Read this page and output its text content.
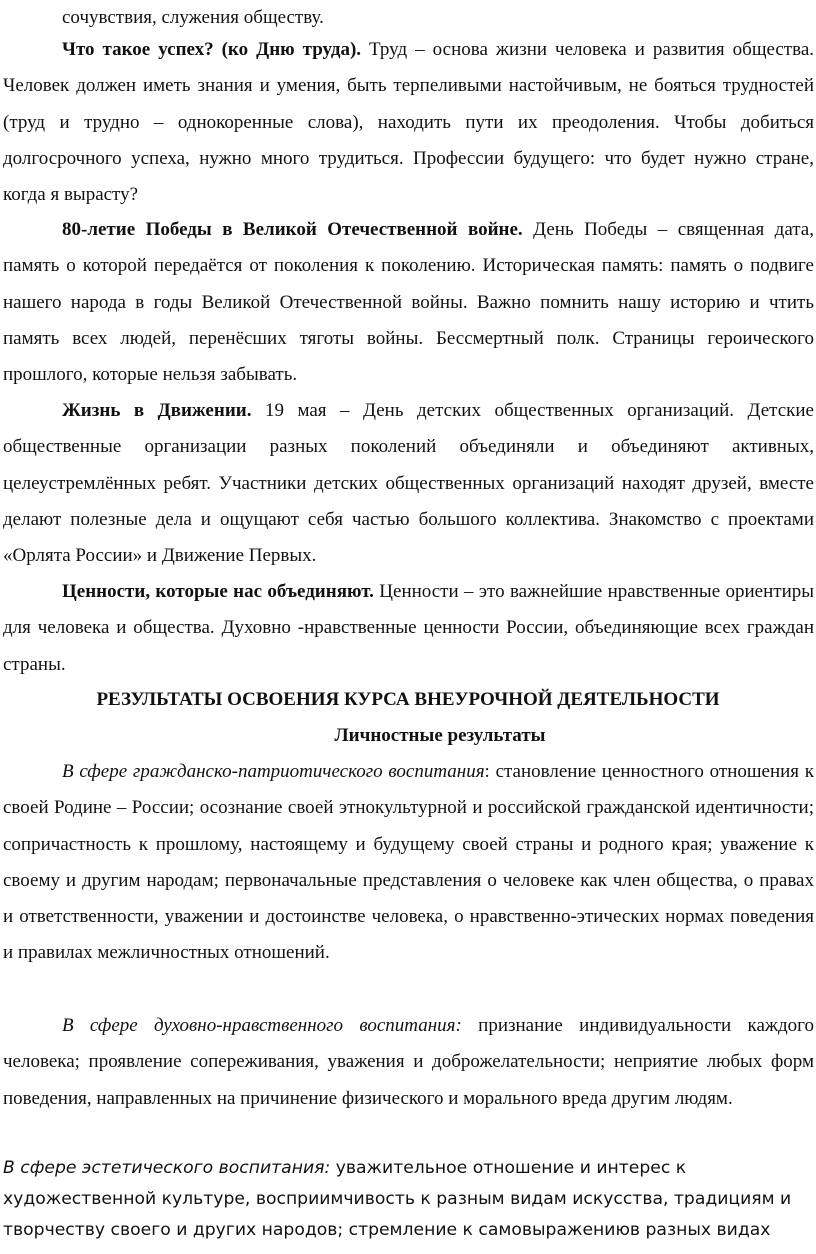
сочувствия, служения обществу.

Что такое успех? (ко Дню труда). Труд – основа жизни человека и развития общества. Человек должен иметь знания и умения, быть терпеливыми настойчивым, не бояться трудностей (труд и трудно – однокоренные слова), находить пути их преодоления. Чтобы добиться долгосрочного успеха, нужно много трудиться. Профессии будущего: что будет нужно стране, когда я вырасту?

80-летие Победы в Великой Отечественной войне. День Победы – священная дата, память о которой передаётся от поколения к поколению. Историческая память: память о подвиге нашего народа в годы Великой Отечественной войны. Важно помнить нашу историю и чтить память всех людей, перенёсших тяготы войны. Бессмертный полк. Страницы героического прошлого, которые нельзя забывать.

Жизнь в Движении. 19 мая – День детских общественных организаций. Детские общественные организации разных поколений объединяли и объединяют активных, целеустремлённых ребят. Участники детских общественных организаций находят друзей, вместе делают полезные дела и ощущают себя частью большого коллектива. Знакомство с проектами «Орлята России» и Движение Первых.

Ценности, которые нас объединяют. Ценности – это важнейшие нравственные ориентиры для человека и общества. Духовно -нравственные ценности России, объединяющие всех граждан страны.

РЕЗУЛЬТАТЫ ОСВОЕНИЯ КУРСА ВНЕУРОЧНОЙ ДЕЯТЕЛЬНОСТИ
Личностные результаты

В сфере гражданско-патриотического воспитания: становление ценностного отношения к своей Родине – России; осознание своей этнокультурной и российской гражданской идентичности; сопричастность к прошлому, настоящему и будущему своей страны и родного края; уважение к своему и другим народам; первоначальные представления о человеке как член общества, о правах и ответственности, уважении и достоинстве человека, о нравственно-этических нормах поведения и правилах межличностных отношений.

В сфере духовно-нравственного воспитания: признание индивидуальности каждого человека; проявление сопереживания, уважения и доброжелательности; неприятие любых форм поведения, направленных на причинение физического и морального вреда другим людям.

В сфере эстетического воспитания: уважительное отношение и интерес к художественной культуре, восприимчивость к разным видам искусства, традициям и творчеству своего и других народов; стремление к самовыражениюв разных видах
